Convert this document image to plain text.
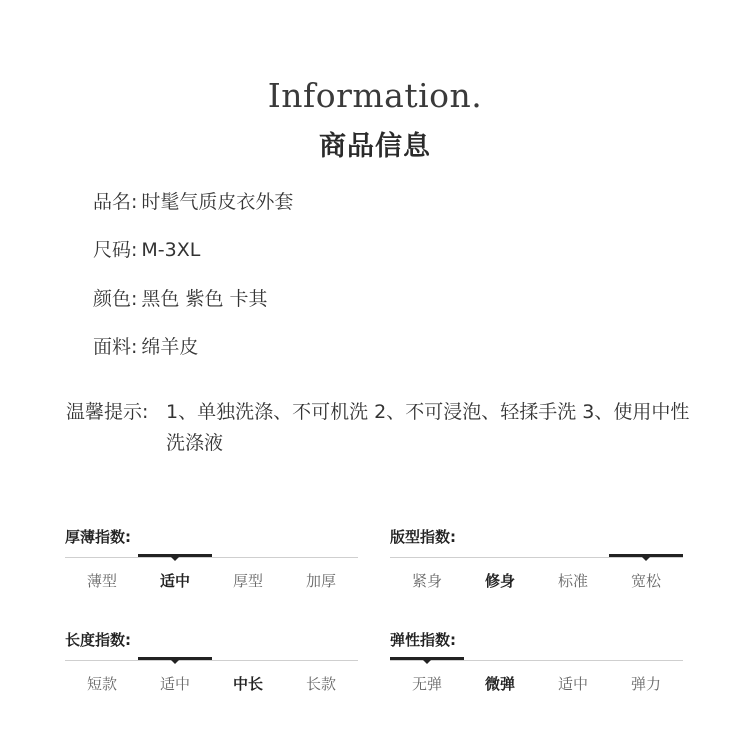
Information.
商品信息
品名: 时髦气质皮衣外套
尺码: M-3XL
颜色: 黑色 紫色 卡其
面料: 绵羊皮
温馨提示: 1、单独洗涤、不可机洗 2、不可浸泡、轻揉手洗 3、使用中性洗涤液
厚薄指数:
薄型	适中	厚型	加厚
版型指数:
紧身	修身	标准	宽松
长度指数:
短款	适中	中长	长款
弹性指数:
无弹	微弹	适中	弹力
